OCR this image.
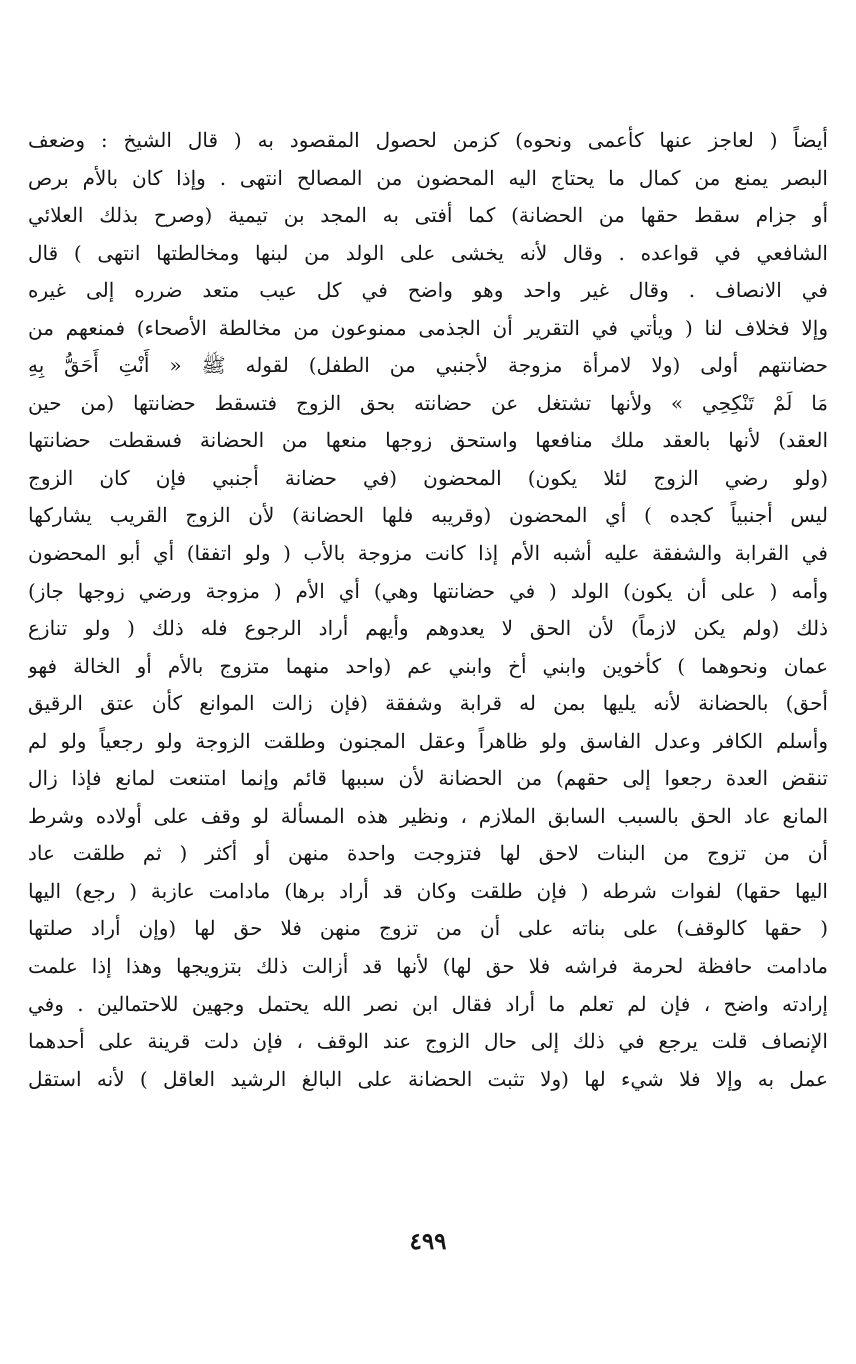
أيضاً ( لعاجز عنها كأعمى ونحوه) كزمن لحصول المقصود به ( قال الشيخ : وضعف
البصر يمنع من كمال ما يحتاج اليه المحضون من المصالح انتهى . وإذا كان بالأم برص
أو جزام سقط حقها من الحضانة) كما أفتى به المجد بن تيمية (وصرح بذلك العلائي
الشافعي في قواعده . وقال لأنه يخشى على الولد من لبنها ومخالطتها انتهى ) قال
في الانصاف . وقال غير واحد وهو واضح في كل عيب متعد ضرره إلى غيره
وإلا فخلاف لنا ( ويأتي في التقرير أن الجذمى ممنوعون من مخالطة الأصحاء) فمنعهم من
حضانتهم أولى (ولا لامرأة مزوجة لأجنبي من الطفل) لقوله ﷺ « أَنْتِ أَحَقُّ بِهِ
مَا لَمْ تَنْكِحِي » ولأنها تشتغل عن حضانته بحق الزوج فتسقط حضانتها (من حين
العقد) لأنها بالعقد ملك منافعها واستحق زوجها منعها من الحضانة فسقطت حضانتها
(ولو رضي الزوج لئلا يكون) المحضون (في حضانة أجنبي فإن كان الزوج
ليس أجنبياً كجده ) أي المحضون (وقريبه فلها الحضانة) لأن الزوج القريب يشاركها
في القرابة والشفقة عليه أشبه الأم إذا كانت مزوجة بالأب ( ولو اتفقا) أي أبو المحضون
وأمه ( على أن يكون) الولد ( في حضانتها وهي) أي الأم ( مزوجة ورضي زوجها جاز)
ذلك (ولم يكن لازماً) لأن الحق لا يعدوهم وأيهم أراد الرجوع فله ذلك ( ولو تنازع
عمان ونحوهما ) كأخوين وابني أخ وابني عم (واحد منهما متزوج بالأم أو الخالة فهو
أحق) بالحضانة لأنه يليها بمن له قرابة وشفقة (فإن زالت الموانع كأن عتق الرقيق
وأسلم الكافر وعدل الفاسق ولو ظاهراً وعقل المجنون وطلقت الزوجة ولو رجعياً ولو لم
تنقض العدة رجعوا إلى حقهم) من الحضانة لأن سببها قائم وإنما امتنعت لمانع فإذا زال
المانع عاد الحق بالسبب السابق الملازم ، ونظير هذه المسألة لو وقف على أولاده وشرط
أن من تزوج من البنات لاحق لها فتزوجت واحدة منهن أو أكثر ( ثم طلقت عاد
اليها حقها) لفوات شرطه ( فإن طلقت وكان قد أراد برها) مادامت عازبة ( رجع) اليها
( حقها كالوقف) على بناته على أن من تزوج منهن فلا حق لها (وإن أراد صلتها
مادامت حافظة لحرمة فراشه فلا حق لها) لأنها قد أزالت ذلك بتزويجها وهذا إذا علمت
إرادته واضح ، فإن لم تعلم ما أراد فقال ابن نصر الله يحتمل وجهين للاحتمالين . وفي
الإنصاف قلت يرجع في ذلك إلى حال الزوج عند الوقف ، فإن دلت قرينة على أحدهما
عمل به وإلا فلا شيء لها (ولا تثبت الحضانة على البالغ الرشيد العاقل ) لأنه استقل
٤٩٩
